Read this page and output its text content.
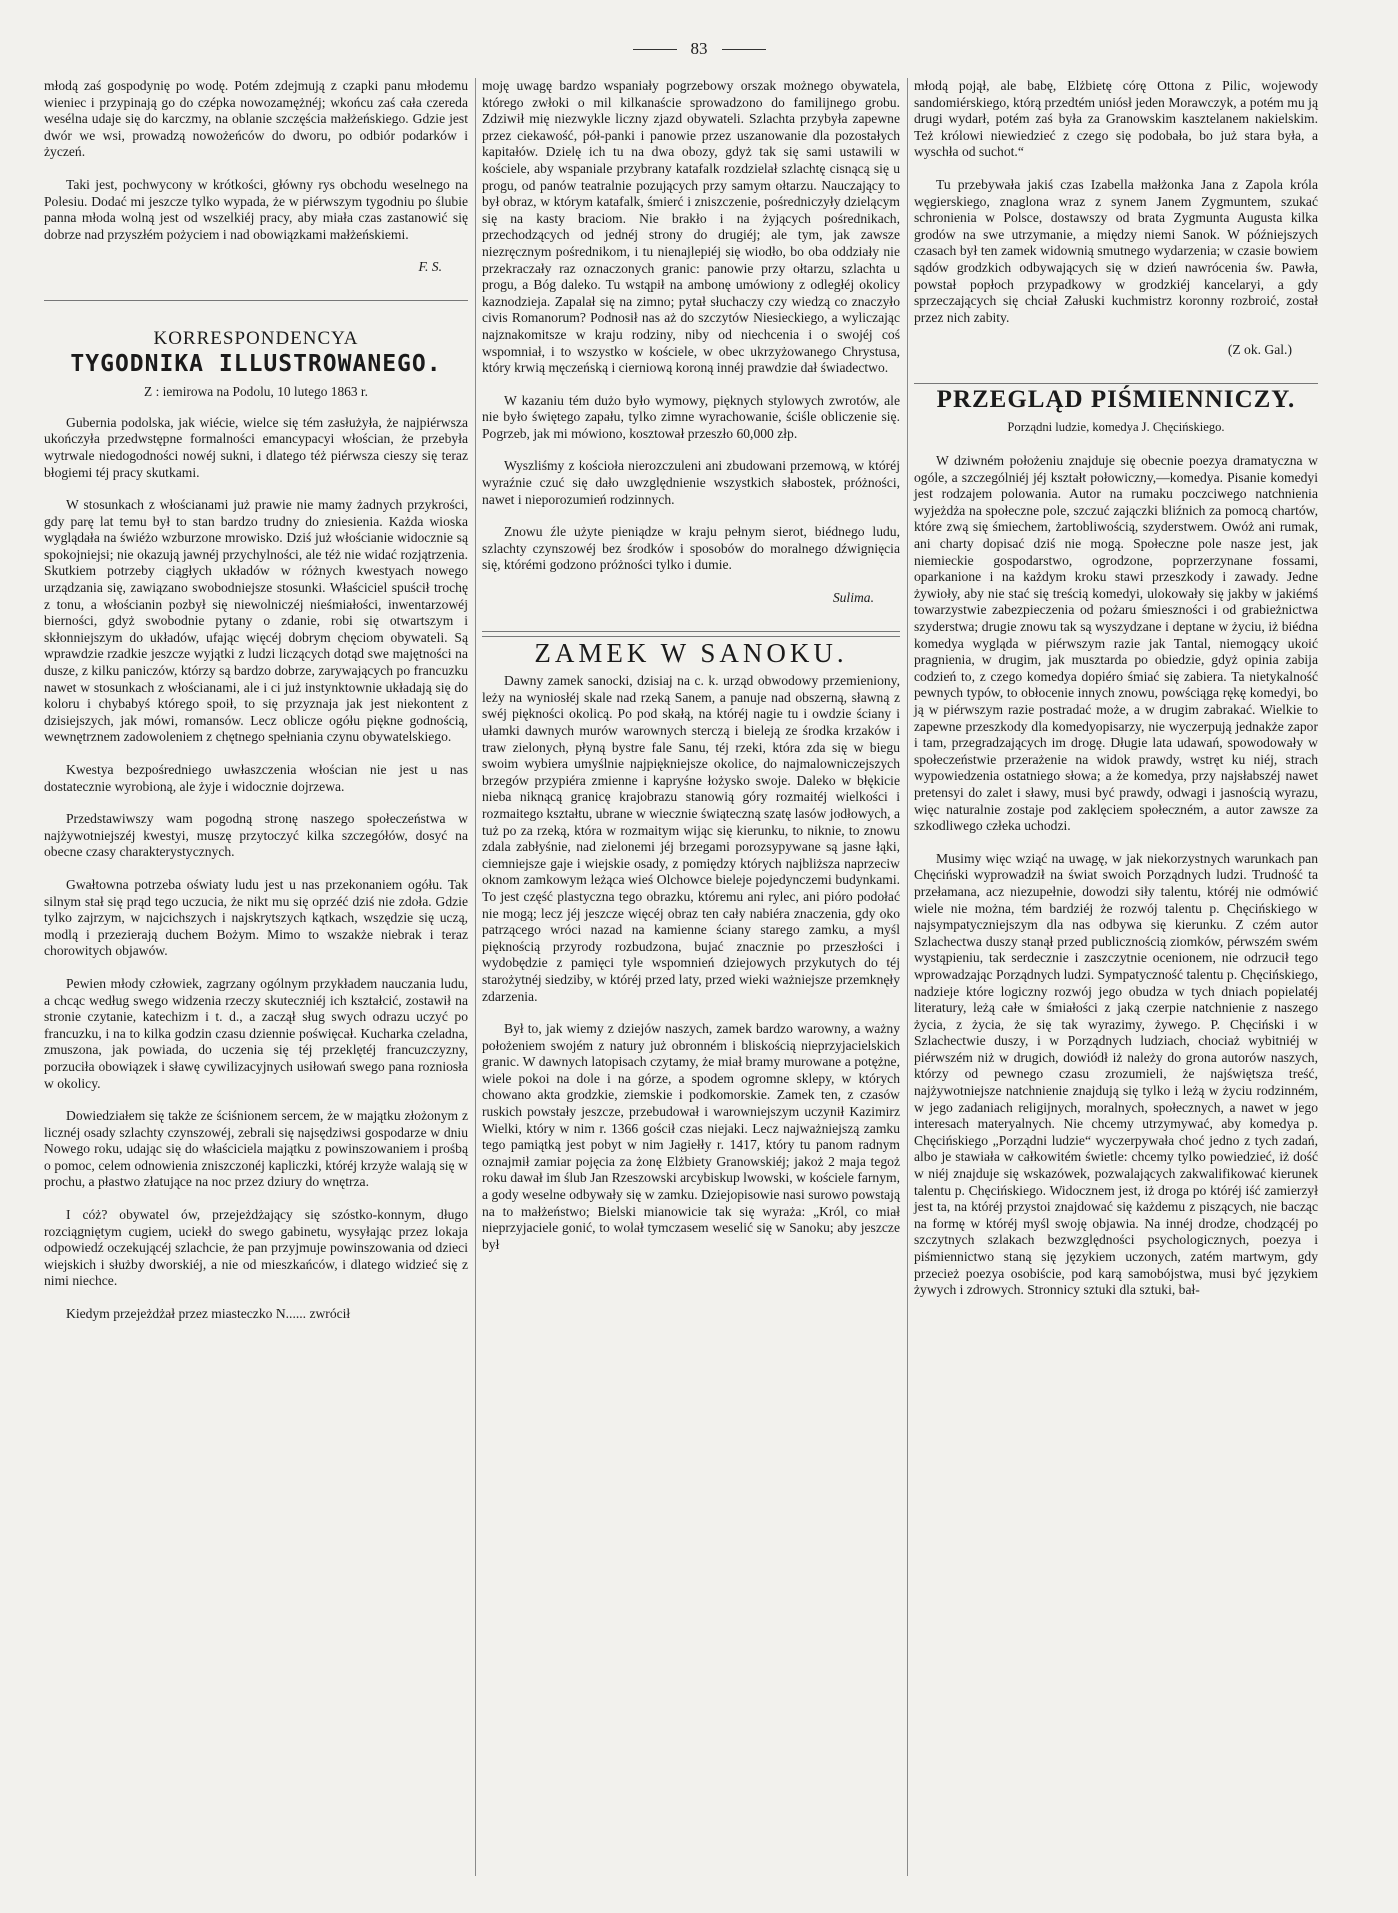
83

młodą zaś gospodynię po wodę. Potém zdejmują z czapki panu młodemu wieniec i przypinają go do czépka nowozamężnéj; wkońcu zaś cała czereda wesélna udaje się do karczmy, na oblanie szczęścia małżeńskiego. Gdzie jest dwór we wsi, prowadzą nowożeńców do dworu, po odbiór podarków i życzeń.

Taki jest, pochwycony w krótkości, główny rys obchodu weselnego na Polesiu. Dodać mi jeszcze tylko wypada, że w piérwszym tygodniu po ślubie panna młoda wolną jest od wszelkiéj pracy, aby miała czas zastanowić się dobrze nad przyszłém pożyciem i nad obowiązkami małżeńskiemi.

F. S.
KORRESPONDENCYA
TYGODNIKA ILLUSTROWANEGO.
Z : iemirowa na Podolu, 10 lutego 1863 r.

Gubernia podolska, jak wiécie, wielce się tém zasłużyła, że najpiérwsza ukończyła przedwstępne formalności emancypacyi włościan, że przebyła wytrwale niedogodności nowéj sukni, i dlatego téż piérwsza cieszy się teraz błogiemi téj pracy skutkami.

W stosunkach z włościanami już prawie nie mamy żadnych przykrości, gdy parę lat temu był to stan bardzo trudny do zniesienia. Każda wioska wyglądała na świéżo wzburzone mrowisko. Dziś już włościanie widocznie są spokojniejsi; nie okazują jawnéj przychylności, ale téż nie widać rozjątrzenia. Skutkiem potrzeby ciągłych układów w różnych kwestyach nowego urządzania się, zawiązano swobodniejsze stosunki. Właściciel spuścił trochę z tonu, a włościanin pozbył się niewolniczéj nieśmiałości, inwentarzowéj bierności, gdyż swobodnie pytany o zdanie, robi się otwartszym i skłonniejszym do układów, ufając więcéj dobrym chęciom obywateli. Są wprawdzie rzadkie jeszcze wyjątki z ludzi liczących dotąd swe majętności na dusze, z kilku paniczów, którzy są bardzo dobrze, zarywających po francuzku nawet w stosunkach z włościanami, ale i ci już instynktownie układają się do koloru i chybabyś którego spoił, to się przyznaja jak jest niekontent z dzisiejszych, jak mówi, romansów. Lecz oblicze ogółu piękne godnością, wewnętrznem zadowoleniem z chętnego spełniania czynu obywatelskiego.

Kwestya bezpośredniego uwłaszczenia włościan nie jest u nas dostatecznie wyrobioną, ale żyje i widocznie dojrzewa.

Przedstawiwszy wam pogodną stronę naszego społeczeństwa w najżywotniejszéj kwestyi, muszę przytoczyć kilka szczegółów, dosyć na obecne czasy charakterystycznych.

Gwałtowna potrzeba oświaty ludu jest u nas przekonaniem ogółu. Tak silnym stał się prąd tego uczucia, że nikt mu się oprzéć dziś nie zdoła. Gdzie tylko zajrzym, w najcichszych i najskrytszych kątkach, wszędzie się uczą, modlą i przezierają duchem Bożym. Mimo to wszakże niebrak i teraz chorowitych objawów.

Pewien młody człowiek, zagrzany ogólnym przykładem nauczania ludu, a chcąc według swego widzenia rzeczy skuteczniéj ich kształcić, zostawił na stronie czytanie, katechizm i t. d., a zaczął sług swych odrazu uczyć po francuzku, i na to kilka godzin czasu dziennie poświęcał. Kucharka czeladna, zmuszona, jak powiada, do uczenia się téj przeklętéj francuzczyzny, porzuciła obowiązek i sławę cywilizacyjnych usiłowań swego pana rozniosła w okolicy.

Dowiedziałem się także ze ściśnionem sercem, że w majątku złożonym z licznéj osady szlachty czynszowéj, zebrali się najsędziwsi gospodarze w dniu Nowego roku, udając się do właściciela majątku z powinszowaniem i prośbą o pomoc, celem odnowienia zniszczonéj kapliczki, któréj krzyże walają się w prochu, a płastwo złatujące na noc przez dziury do wnętrza.

I cóż? obywatel ów, przejeżdżający się szóstko-konnym, długo rozciągniętym cugiem, uciekł do swego gabinetu, wysyłając przez lokaja odpowiedź oczekującéj szlachcie, że pan przyjmuje powinszowania od dzieci wiejskich i służby dworskiéj, a nie od mieszkańców, i dlatego widzieć się z nimi niechce.

Kiedym przejeżdżał przez miasteczko N...... zwrócił

moję uwagę bardzo wspaniały pogrzebowy orszak możnego obywatela, którego zwłoki o mil kilkanaście sprowadzono do familijnego grobu. Zdziwił mię niezwykle liczny zjazd obywateli. Szlachta przybyła zapewne przez ciekawość, pół-panki i panowie przez uszanowanie dla pozostałych kapitałów. Dzielę ich tu na dwa obozy, gdyż tak się sami ustawili w kościele, aby wspaniale przybrany katafalk rozdzielał szlachtę cisnącą się u progu, od panów teatralnie pozujących przy samym ołtarzu. Nauczający to był obraz, w którym katafalk, śmierć i zniszczenie, pośredniczyły dzielącym się na kasty braciom. Nie brakło i na żyjących pośrednikach, przechodzących od jednéj strony do drugiéj; ale tym, jak zawsze niezręcznym pośrednikom, i tu nienajlepiéj się wiodło, bo oba oddziały nie przekraczały raz oznaczonych granic: panowie przy ołtarzu, szlachta u progu, a Bóg daleko. Tu wstąpił na ambonę umówiony z odległéj okolicy kaznodzieja. Zapalał się na zimno; pytał słuchaczy czy wiedzą co znaczyło civis Romanorum? Podnosił nas aż do szczytów Niesieckiego, a wyliczając najznakomitsze w kraju rodziny, niby od niechcenia i o swojéj coś wspomniał, i to wszystko w kościele, w obec ukrzyżowanego Chrystusa, który krwią męczeńską i cierniową koroną innéj prawdzie dał świadectwo.

W kazaniu tém dużo było wymowy, pięknych stylowych zwrotów, ale nie było świętego zapału, tylko zimne wyrachowanie, ściśle obliczenie się. Pogrzeb, jak mi mówiono, kosztował przeszło 60,000 złp.

Wyszliśmy z kościoła nierozczuleni ani zbudowani przemową, w któréj wyraźnie czuć się dało uwzględnienie wszystkich słabostek, próżności, nawet i nieporozumień rodzinnych.

Znowu źle użyte pieniądze w kraju pełnym sierot, biédnego ludu, szlachty czynszowéj bez środków i sposobów do moralnego dźwignięcia się, którémi godzono próżności tylko i dumie.

Sulima.
ZAMEK W SANOKU.

Dawny zamek sanocki, dzisiaj na c. k. urząd obwodowy przemieniony, leży na wyniosłéj skale nad rzeką Sanem, a panuje nad obszerną, sławną z swéj piękności okolicą. Po pod skałą, na któréj nagie tu i owdzie ściany i ułamki dawnych murów warownych sterczą i bieleją ze środka krzaków i traw zielonych, płyną bystre fale Sanu, téj rzeki, która zda się w biegu swoim wybiera umyślnie najpiękniejsze okolice, do najmalowniczejszych brzegów przypiéra zmienne i kapryśne łożysko swoje. Daleko w błękicie nieba niknącą granicę krajobrazu stanowią góry rozmaitéj wielkości i rozmaitego kształtu, ubrane w wiecznie świąteczną szatę lasów jodłowych, a tuż po za rzeką, która w rozmaitym wijąc się kierunku, to niknie, to znowu zdala zabłyśnie, nad zielonemi jéj brzegami porozsypywane są jasne łąki, ciemniejsze gaje i wiejskie osady, z pomiędzy których najbliższa naprzeciw oknom zamkowym leżąca wieś Olchowce bieleje pojedynczemi budynkami. To jest część plastyczna tego obrazku, któremu ani rylec, ani pióro podołać nie mogą; lecz jéj jeszcze więcéj obraz ten cały nabiéra znaczenia, gdy oko patrzącego wróci nazad na kamienne ściany starego zamku, a myśl pięknością przyrody rozbudzona, bujać znacznie po przeszłości i wydobędzie z pamięci tyle wspomnień dziejowych przykutych do téj starożytnéj siedziby, w któréj przed laty, przed wieki ważniejsze przemknęły zdarzenia.

Był to, jak wiemy z dziejów naszych, zamek bardzo warowny, a ważny położeniem swojém z natury już obronném i bliskością nieprzyjacielskich granic. W dawnych latopisach czytamy, że miał bramy murowane a potężne, wiele pokoi na dole i na górze, a spodem ogromne sklepy, w których chowano akta grodzkie, ziemskie i podkomorskie. Zamek ten, z czasów ruskich powstały jeszcze, przebudował i warowniejszym uczynił Kazimirz Wielki, który w nim r. 1366 gościł czas niejaki. Lecz najważniejszą zamku tego pamiątką jest pobyt w nim Jagiełły r. 1417, który tu panom radnym oznajmił zamiar pojęcia za żonę Elżbiety Granowskiéj; jakoż 2 maja tegoż roku dawał im ślub Jan Rzeszowski arcybiskup lwowski, w kościele farnym, a gody weselne odbywały się w zamku. Dziejopisowie nasi surowo powstają na to małżeństwo; Bielski mianowicie tak się wyraża: „Król, co miał nieprzyjaciele gonić, to wolał tymczasem weselić się w Sanoku; aby jeszcze był

młodą pojął, ale babę, Elżbietę córę Ottona z Pilic, wojewody sandomiérskiego, którą przedtém uniósł jeden Morawczyk, a potém mu ją drugi wydarł, potém zaś była za Granowskim kasztelanem nakielskim. Też królowi niewiedzieć z czego się podobała, bo już stara była, a wyschła od suchot.“

Tu przebywała jakiś czas Izabella małżonka Jana z Zapola króla węgierskiego, znaglona wraz z synem Janem Zygmuntem, szukać schronienia w Polsce, dostawszy od brata Zygmunta Augusta kilka grodów na swe utrzymanie, a między niemi Sanok. W późniejszych czasach był ten zamek widownią smutnego wydarzenia; w czasie bowiem sądów grodzkich odbywających się w dzień nawrócenia św. Pawła, powstał popłoch przypadkowy w grodzkiéj kancelaryi, a gdy sprzeczających się chciał Załuski kuchmistrz koronny rozbroić, został przez nich zabity.

(Z ok. Gal.)
PRZEGLĄD PIŚMIENNICZY.
Porządni ludzie, komedya J. Chęcińskiego.

W dziwném położeniu znajduje się obecnie poezya dramatyczna w ogóle, a szczególniéj jéj kształt połowiczny,—komedya. Pisanie komedyi jest rodzajem polowania. Autor na rumaku poczciwego natchnienia wyjeżdża na społeczne pole, szczuć zajączki bliźnich za pomocą chartów, które zwą się śmiechem, żartobliwością, szyderstwem. Owóż ani rumak, ani charty dopisać dziś nie mogą. Społeczne pole nasze jest, jak niemieckie gospodarstwo, ogrodzone, poprzerzynane fossami, oparkanione i na każdym kroku stawi przeszkody i zawady. Jedne żywioły, aby nie stać się treścią komedyi, ulokowały się jakby w jakiémś towarzystwie zabezpieczenia od pożaru śmieszności i od grabieżnictwa szyderstwa; drugie znowu tak są wyszydzane i deptane w życiu, iż biédna komedya wygląda w piérwszym razie jak Tantal, niemogący ukoić pragnienia, w drugim, jak musztarda po obiedzie, gdyż opinia zabija codzień to, z czego komedya dopiéro śmiać się zabiera. Ta nietykalność pewnych typów, to obłocenie innych znowu, powściąga rękę komedyi, bo ją w piérwszym razie postradać może, a w drugim zabrakać. Wielkie to zapewne przeszkody dla komedyopisarzy, nie wyczerpują jednakże zapor i tam, przegradzających im drogę. Długie lata udawań, spowodowały w społeczeństwie przerażenie na widok prawdy, wstręt ku niéj, strach wypowiedzenia ostatniego słowa; a że komedya, przy najsłabszéj nawet pretensyi do zalet i sławy, musi być prawdy, odwagi i jasnością wyrazu, więc naturalnie zostaje pod zaklęciem społeczném, a autor zawsze za szkodliwego człeka uchodzi.

Musimy więc wziąć na uwagę, w jak niekorzystnych warunkach pan Chęciński wyprowadził na świat swoich Porządnych ludzi. Trudność ta przełamana, acz niezupełnie, dowodzi siły talentu, któréj nie odmówić wiele nie można, tém bardziéj że rozwój talentu p. Chęcińskiego w najsympatyczniejszym dla nas odbywa się kierunku. Z czém autor Szlachectwa duszy stanął przed publicznością ziomków, pérwszém swém wystąpieniu, tak serdecznie i zaszczytnie ocenionem, nie odrzucił tego wprowadzając Porządnych ludzi. Sympatyczność talentu p. Chęcińskiego, nadzieje które logiczny rozwój jego obudza w tych dniach popielatéj literatury, leżą całe w śmiałości z jaką czerpie natchnienie z naszego życia, z życia, że się tak wyrazimy, żywego. P. Chęciński i w Szlachectwie duszy, i w Porządnych ludziach, chociaż wybitniéj w piérwszém niż w drugich, dowiódł iż należy do grona autorów naszych, którzy od pewnego czasu zrozumieli, że najświętsza treść, najżywotniejsze natchnienie znajdują się tylko i leżą w życiu rodzinném, w jego zadaniach religijnych, moralnych, społecznych, a nawet w jego interesach materyalnych. Nie chcemy utrzymywać, aby komedya p. Chęcińskiego „Porządni ludzie“ wyczerpywała choć jedno z tych zadań, albo je stawiała w całkowitém świetle: chcemy tylko powiedzieć, iż dość w niéj znajduje się wskazówek, pozwalających zakwalifikować kierunek talentu p. Chęcińskiego. Widocznem jest, iż droga po któréj iść zamierzył jest ta, na któréj przystoi znajdować się każdemu z piszących, nie bacząc na formę w któréj myśl swoję objawia. Na innéj drodze, chodzącéj po szczytnych szlakach bezwzględności psychologicznych, poezya i piśmiennictwo staną się językiem uczonych, zatém martwym, gdy przecież poezya osobiście, pod karą samobójstwa, musi być językiem żywych i zdrowych. Stronnicy sztuki dla sztuki, bał-
